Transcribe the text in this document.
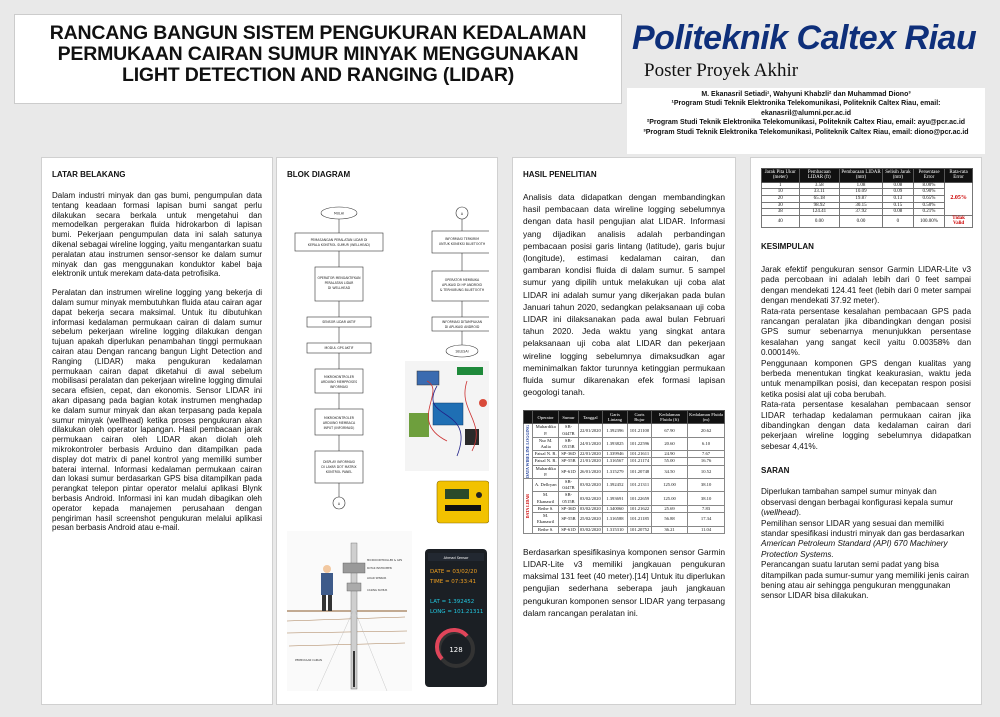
RANCANG BANGUN SISTEM PENGUKURAN KEDALAMAN
PERMUKAAN CAIRAN SUMUR MINYAK MENGGUNAKAN
LIGHT DETECTION AND RANGING (LIDAR)
Politeknik Caltex Riau
Poster Proyek Akhir
M. Ekanasril Setiadi¹, Wahyuni Khabzli² dan Muhammad Diono³
¹Program Studi Teknik Elektronika Telekomunikasi, Politeknik Caltex Riau, email:
ekanasril@alumni.pcr.ac.id
²Program Studi Teknik Elektronika Telekomunikasi, Politeknik Caltex Riau, email: ayu@pcr.ac.id
³Program Studi Teknik Elektronika Telekomunikasi, Politeknik Caltex Riau, email: diono@pcr.ac.id
LATAR BELAKANG

Dalam industri minyak dan gas bumi, pengumpulan data tentang keadaan formasi lapisan bumi sangat perlu dilakukan secara berkala untuk mengetahui dan memodelkan pergerakan fluida hidrokarbon di lapisan bumi. Pekerjaan pengumpulan data ini salah satunya dikenal sebagai wireline logging, yaitu mengantarkan suatu peralatan atau instrumen sensor-sensor ke dalam sumur minyak dan gas menggunakan konduktor kabel baja elektronik untuk merekam data-data petrofisika.

Peralatan dan instrumen wireline logging yang bekerja di dalam sumur minyak membutuhkan fluida atau cairan agar dapat bekerja secara maksimal. Untuk itu dibutuhkan informasi kedalaman permukaan cairan di dalam sumur sebelum pekerjaan wireline logging dilakukan dengan tujuan apakah diperlukan penambahan tinggi permukaan cairan atau Dengan rancang bangun Light Detection and Ranging (LIDAR) maka pengukuran kedalaman permukaan cairan dapat diketahui di awal sebelum mobilisasi peralatan dan pekerjaan wireline logging dimulai secara efisien, cepat, dan ekonomis. Sensor LIDAR ini akan dipasang pada bagian kotak instrumen menghadap ke dalam sumur minyak dan akan terpasang pada kepala sumur minyak (wellhead) ketika proses pengukuran akan dilakukan oleh operator lapangan. Hasil pembacaan jarak permukaan cairan oleh LIDAR akan diolah oleh mikrokontroler berbasis Arduino dan ditampilkan pada display dot matrix di panel kontrol yang memiliki sumber baterai internal. Informasi kedalaman permukaan cairan dan lokasi sumur berdasarkan GPS bisa ditampilkan pada perangkat telepon pintar operator melalui aplikasi Blynk berbasis Android. Informasi ini kan mudah dibagikan oleh operator kepada manajemen perusahaan dengan pengiriman hasil screenshot pengukuran melalui aplikasi pesan berbasis Android atau e-mail.

BLOK DIAGRAM
MULAI
PEMASANGAN PERALATAN LIDAR DI
KEPALA KONTROL SUMUR (WELLHEAD)
OPERATOR MENGAKTIFKAN
PERALATAN LIDAR
DI WELLHEAD
SENSOR LIDAR AKTIF
MODUL GPS AKTIF
MIKROKONTROLER
ARDUINO MEMPROSES
INFORMASI
MIKROKONTROLER
ARDUINO MEMBACA
INPUT (INFORMASI)
DISPLAY INFORMASI
DI LAYAR DOT MATRIX
KONTROL PANEL
A
A
INFORMASI TERKIRIM
UNTUK KONEKSI BLUETOOTH
OPERATOR MEMBUKA
APLIKASI DI HP ANDROID
& TERHUBUNG BLUETOOTH
INFORMASI DITAMPILKAN
DI APLIKASI ANDROID
SELESAI
MICROCONTROLLER & GPS
KOTAK INSTRUMEN
LIDAR SENSOR
CASING SUMUR
PERMUKAAN CAIRAN
Ahmad Sensor
DATE = 03/02/20
TIME = 07:33:41
LAT = 1.392452
LONG = 101.21311
128
HASIL PENELITIAN

Analisis data didapatkan dengan membandingkan hasil pembacaan data wireline logging sebelumnya dengan data hasil pengujian alat LIDAR. Informasi yang dijadikan analisis adalah perbandingan pembacaan posisi garis lintang (latitude), garis bujur (longitude), estimasi kedalaman cairan, dan gambaran kondisi fluida di dalam sumur. 5 sampel sumur yang dipilih untuk melakukan uji coba alat LIDAR ini adalah sumur yang dikerjakan pada bulan Januari tahun 2020, sedangkan pelaksanaan uji coba LIDAR ini dilaksanakan pada awal bulan Februari tahun 2020. Jeda waktu yang singkat antara pelaksanaan uji coba alat LIDAR dan pekerjaan wireline logging sebelumnya dimaksudkan agar meminimalkan faktor turunnya ketinggian permukaan fluida sumur dikarenakan efek formasi lapisan geogologi tanah.

	Operator	Sumur	Tanggal	Garis Lintang	Garis Bujur	Kedalaman Fluida (ft)	Kedalaman Fluida (m)

DATA WIRELINE LOGGING	Muhardika P.	SB-0447B	22/01/2020	1.392396	101.21100	67.90	20.62
	Nur M. Aulia	SB-0515B	24/01/2020	1.393825	101.22596	20.60	6.10
	Faisal N. R.	SP-36D	22/01/2020	1.339946	101.21611	24.90	7.67
	Faisal N. R.	SP-55B	21/01/2020	1.316567	101.21174	55.00	16.76
	Muhardika P.	SP-61D	26/01/2020	1.315279	101.20748	34.50	10.52

DATA LIDAR	A. Dellryan	SB-0447B	03/02/2020	1.392452	101.21311	125.00	38.10
	M. Ekanasril	SB-0515B	03/02/2020	1.393691	101.22659	125.00	38.10
	Bethe S.	SP-36D	03/02/2020	1.340060	101.21622	25.69	7.83
	M. Ekanasril	SP-55B	25/02/2020	1.316588	101.21185	56.88	17.34
	Bethe S.	SP-61D	03/02/2020	1.315310	101.20752	36.21	11.04

Berdasarkan spesifikasinya komponen sensor Garmin LIDAR-Lite v3 memiliki jangkauan pengukuran maksimal 131 feet (40 meter).[14] Untuk itu diperlukan pengujian sederhana seberapa jauh jangkauan pengukuran komponen sensor LIDAR yang terpasang dalam rancangan peralatan ini.

Jarak Pita Ukur (meter)	Pembacaan LIDAR (ft)	Pembacaan LIDAR (mtr)	Selisih Jarak (mtr)	Persentase Error	Rata-rata Error
1	3.58	1.08	0.08	8.00%	2.05%
10	33.11	10.09	0.09	0.90%	
20	65.18	19.87	0.13	0.65%	
30	98.92	30.15	0.15	0.50%	
38	124.41	37.92	0.08	0.21%	
40	0.00	0.00	0	100.00%	Tidak Valid
KESIMPULAN

Jarak efektif pengukuran sensor Garmin LIDAR-Lite v3 pada percobaan ini adalah lebih dari 0 feet sampai dengan mendekati 124.41 feet (lebih dari 0 meter sampai dengan mendekati 37.92 meter).

Rata-rata persentase kesalahan pembacaan GPS pada rancangan peralatan jika dibandingkan dengan posisi GPS sumur sebenarnya menunjukkan persentase kesalahan yang sangat kecil yaitu 0.00358% dan 0.00014%.

Penggunaan komponen GPS dengan kualitas yang berbeda menentukan tingkat keakurasian, waktu jeda untuk menampilkan posisi, dan kecepatan respon posisi ketika posisi alat uji coba berubah.

Rata-rata persentase kesalahan pembacaan sensor LIDAR terhadap kedalaman permukaan cairan jika dibandingkan dengan data kedalaman cairan dari pekerjaan wireline logging sebelumnya didapatkan sebesar 4,41%.

SARAN

Diperlukan tambahan sampel sumur minyak dan observasi dengan berbagai konfigurasi kepala sumur (wellhead).

Pemilihan sensor LIDAR yang sesuai dan memiliki standar spesifikasi industri minyak dan gas berdasarkan American Petroleum Standard (API) 670 Machinery Protection Systems.

Perancangan suatu larutan semi padat yang bisa ditampilkan pada sumur-sumur yang memiliki jenis cairan bening atau air sehingga pengukuran menggunakan sensor LIDAR bisa dilakukan.
